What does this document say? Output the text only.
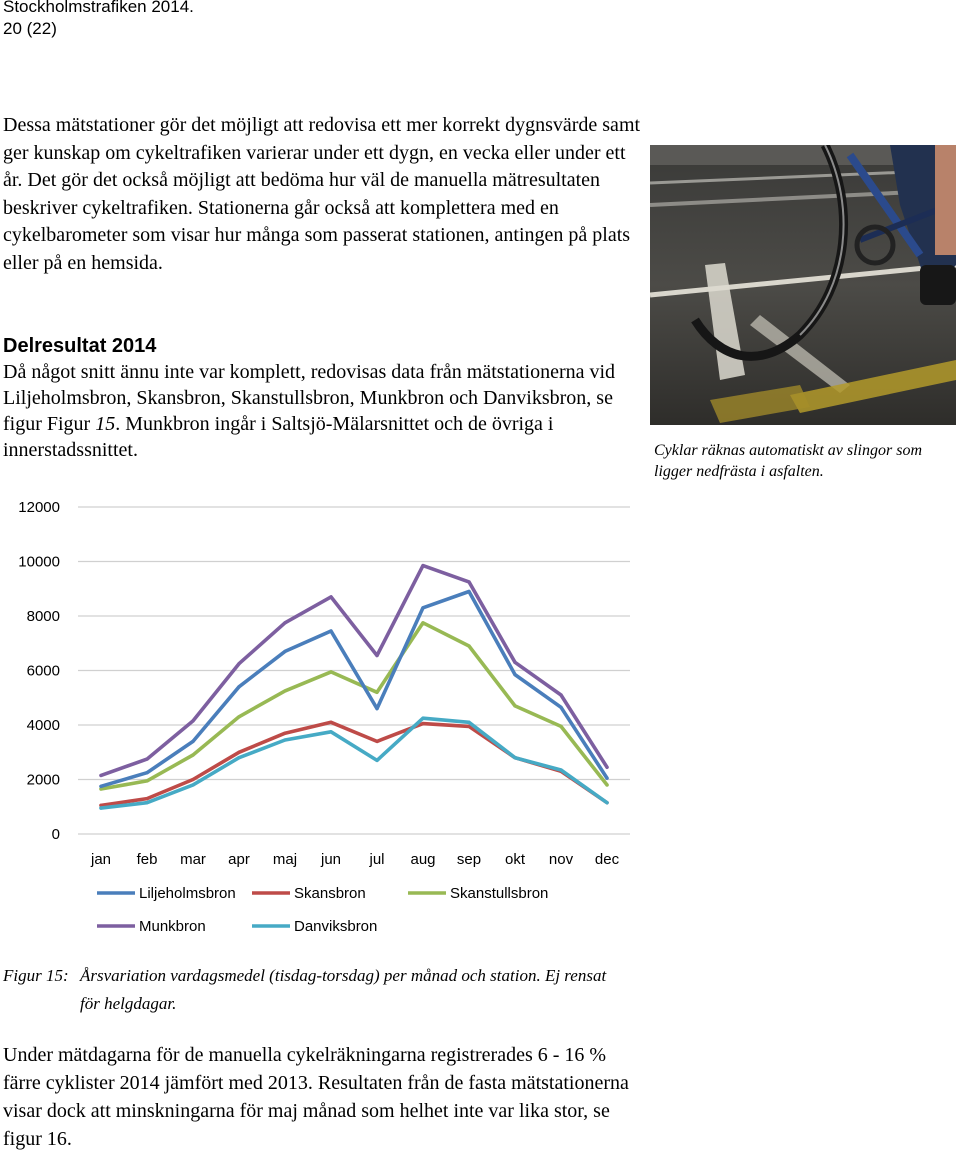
Stockholmstrafiken 2014.
20 (22)
Dessa mätstationer gör det möjligt att redovisa ett mer korrekt dygnsvärde samt ger kunskap om cykeltrafiken varierar under ett dygn, en vecka eller under ett år. Det gör det också möjligt att bedöma hur väl de manuella mätresultaten beskriver cykeltrafiken. Stationerna går också att komplettera med en cykelbarometer som visar hur många som passerat stationen, antingen på plats eller på en hemsida.
Delresultat 2014
Då något snitt ännu inte var komplett, redovisas data från mätstationerna vid Liljeholmsbron, Skansbron, Skanstullsbron, Munkbron och Danviksbron, se figur Figur 15. Munkbron ingår i Saltsjö-Mälarsnittet och de övriga i innerstadssnittet.	Cyklar räknas automatiskt av slingor som ligger nedfrästa i asfalten.
0
2000
4000
6000
8000
10000
12000
jan feb mar apr maj jun jul aug sep okt nov dec
Liljeholmsbron	Skansbron	Skanstullsbron
Munkbron	Danviksbron
Figur 15: Årsvariation vardagsmedel (tisdag-torsdag) per månad och station. Ej rensat för helgdagar.
Under mätdagarna för de manuella cykelräkningarna registrerades 6 - 16 % färre cyklister 2014 jämfört med 2013. Resultaten från de fasta mätstationerna visar dock att minskningarna för maj månad som helhet inte var lika stor, se figur 16.
